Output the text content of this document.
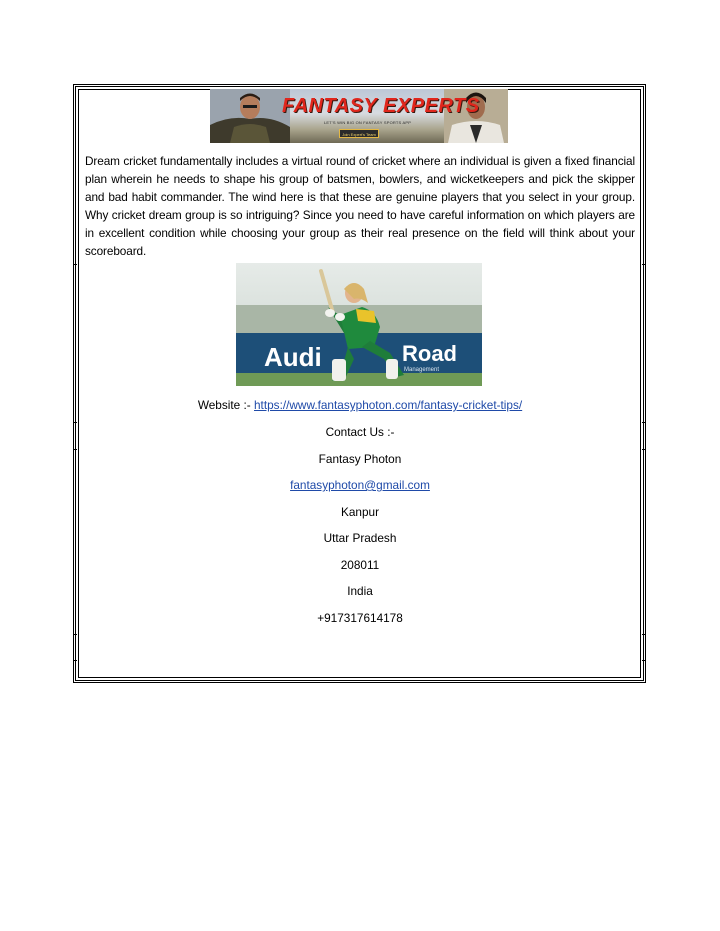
FANTASY EXPERTS
LET'S WIN BIG ON FANTASY SPORTS APP
Join Expert's Team

Dream cricket fundamentally includes a virtual round of cricket where an individual is given a fixed financial plan wherein he needs to shape his group of batsmen, bowlers, and wicketkeepers and pick the skipper and bad habit commander. The wind here is that these are genuine players that you select in your group. Why cricket dream group is so intriguing? Since you need to have careful information on which players are in excellent condition while choosing your group as their real presence on the field will think about your scoreboard.

Audi	Road
Management
Website :- https://www.fantasyphoton.com/fantasy-cricket-tips/
Contact Us :-
Fantasy Photon
fantasyphoton@gmail.com
Kanpur
Uttar Pradesh
208011
India
+917317614178
